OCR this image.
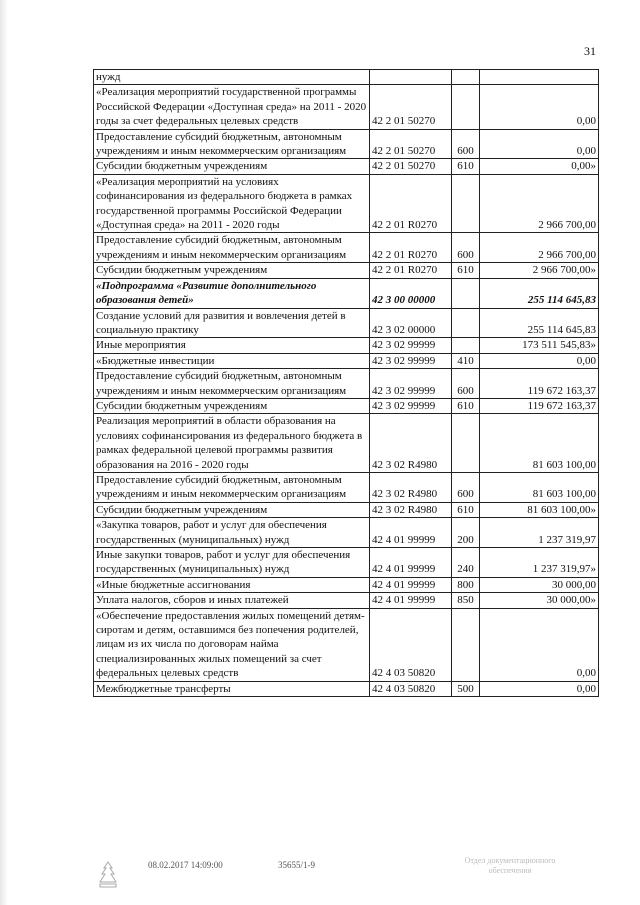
31
нужд			
«Реализация мероприятий государственной программы Российской Федерации «Доступная среда» на 2011 - 2020 годы за счет федеральных целевых средств	42 2 01 50270		0,00
Предоставление субсидий бюджетным, автономным учреждениям и иным некоммерческим организациям	42 2 01 50270	600	0,00
Субсидии бюджетным учреждениям	42 2 01 50270	610	0,00»
«Реализация мероприятий на условиях софинансирования из федерального бюджета в рамках государственной программы Российской Федерации «Доступная среда» на 2011 - 2020 годы	42 2 01 R0270		2 966 700,00
Предоставление субсидий бюджетным, автономным учреждениям и иным некоммерческим организациям	42 2 01 R0270	600	2 966 700,00
Субсидии бюджетным учреждениям	42 2 01 R0270	610	2 966 700,00»
«Подпрограмма «Развитие дополнительного образования детей»	42 3 00 00000		255 114 645,83
Создание условий для развития и вовлечения детей в социальную практику	42 3 02 00000		255 114 645,83
Иные мероприятия	42 3 02 99999		173 511 545,83»
«Бюджетные инвестиции	42 3 02 99999	410	0,00
Предоставление субсидий бюджетным, автономным учреждениям и иным некоммерческим организациям	42 3 02 99999	600	119 672 163,37
Субсидии бюджетным учреждениям	42 3 02 99999	610	119 672 163,37
Реализация мероприятий в области образования на условиях софинансирования из федерального бюджета в рамках федеральной целевой программы развития образования на 2016 - 2020 годы	42 3 02 R4980		81 603 100,00
Предоставление субсидий бюджетным, автономным учреждениям и иным некоммерческим организациям	42 3 02 R4980	600	81 603 100,00
Субсидии бюджетным учреждениям	42 3 02 R4980	610	81 603 100,00»
«Закупка товаров, работ и услуг для обеспечения государственных (муниципальных) нужд	42 4 01 99999	200	1 237 319,97
Иные закупки товаров, работ и услуг для обеспечения государственных (муниципальных) нужд	42 4 01 99999	240	1 237 319,97»
«Иные бюджетные ассигнования	42 4 01 99999	800	30 000,00
Уплата налогов, сборов и иных платежей	42 4 01 99999	850	30 000,00»
«Обеспечение предоставления жилых помещений детям-сиротам и детям, оставшимся без попечения родителей, лицам из их числа по договорам найма специализированных жилых помещений за счет федеральных целевых средств	42 4 03 50820		0,00
Межбюджетные трансферты	42 4 03 50820	500	0,00
08.02.2017 14:09:00	35655/1-9	Отдел документационного
обеспечения
